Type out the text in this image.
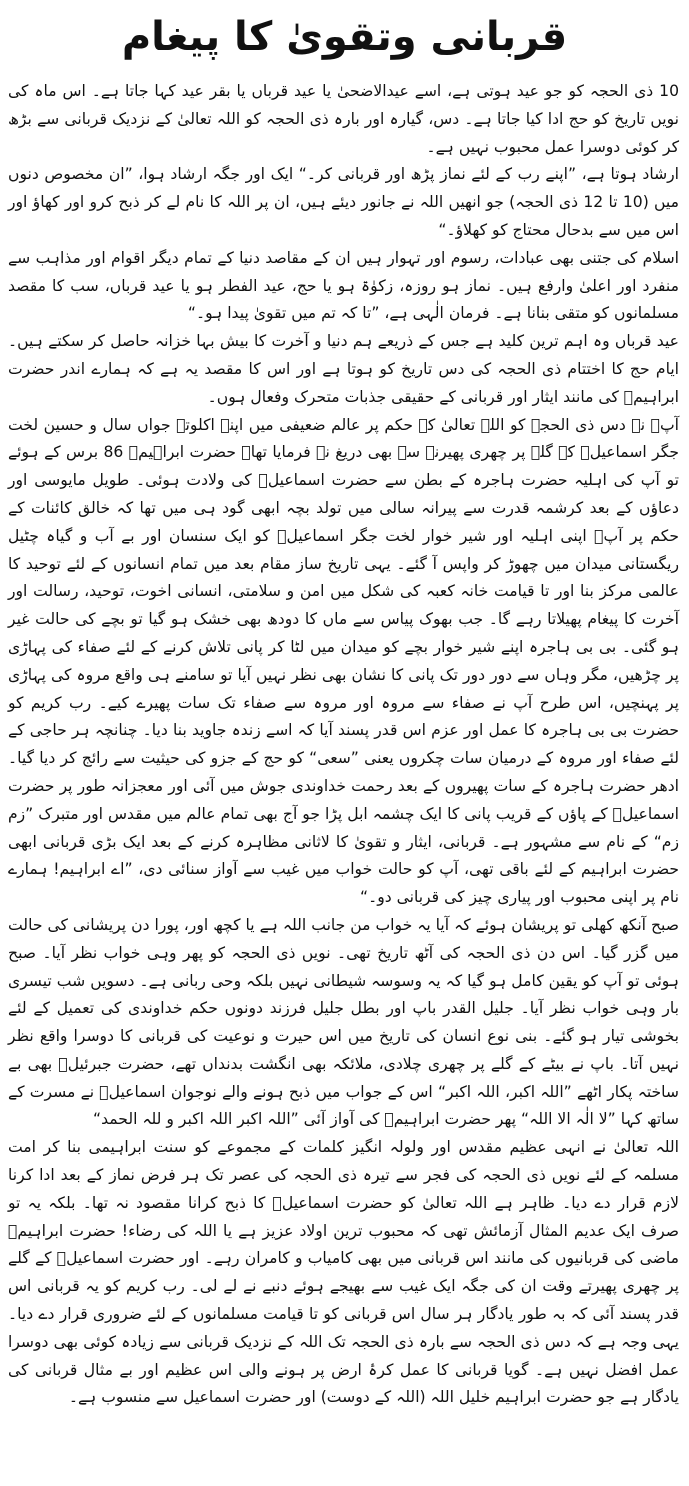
قربانی وتقویٰ کا پیغام

10 ذی الحجہ کو جو عید ہوتی ہے، اسے عیدالاضحیٰ یا عید قرباں یا بقر عید کہا جاتا ہے۔ اس ماہ کی نویں تاریخ کو حج ادا کیا جاتا ہے۔ دس، گیارہ اور بارہ ذی الحجہ کو اللہ تعالیٰ کے نزدیک قربانی سے بڑھ کر کوئی دوسرا عمل محبوب نہیں ہے۔

ارشاد ہوتا ہے، ”اپنے رب کے لئے نماز پڑھ اور قربانی کر۔“ ایک اور جگہ ارشاد ہوا، ”ان مخصوص دنوں میں (10 تا 12 ذی الحجہ) جو انھیں اللہ نے جانور دیئے ہیں، ان پر اللہ کا نام لے کر ذبح کرو اور کھاؤ اور اس میں سے بدحال محتاج کو کھلاؤ۔“

اسلام کی جتنی بھی عبادات، رسوم اور تہوار ہیں ان کے مقاصد دنیا کے تمام دیگر اقوام اور مذاہب سے منفرد اور اعلیٰ وارفع ہیں۔ نماز ہو روزہ، زکوٰۃ ہو یا حج، عید الفطر ہو یا عید قرباں، سب کا مقصد مسلمانوں کو متقی بنانا ہے۔ فرمان الٰہی ہے، ”تا کہ تم میں تقویٰ پیدا ہو۔“

عید قرباں وہ اہم ترین کلید ہے جس کے ذریعے ہم دنیا و آخرت کا بیش بہا خزانہ حاصل کر سکتے ہیں۔ ایام حج کا اختتام ذی الحجہ کی دس تاریخ کو ہوتا ہے اور اس کا مقصد یہ ہے کہ ہمارے اندر حضرت ابراہیمؑ کی مانند ایثار اور قربانی کے حقیقی جذبات متحرک وفعال ہوں۔

آپؑ نے دس ذی الحجہ کو اللہ تعالیٰ کے حکم پر عالم ضعیفی میں اپنے اکلوتے جواں سال و حسین لخت جگر اسماعیلؑ کے گلے پر چھری پھیرنے سے بھی دریغ نہ فرمایا تھا۔ حضرت ابراہیمؑ 86 برس کے ہوئے تو آپ کی اہلیہ حضرت ہاجرہ کے بطن سے حضرت اسماعیلؑ کی ولادت ہوئی۔ طویل مایوسی اور دعاؤں کے بعد کرشمہ قدرت سے پیرانہ سالی میں تولد بچہ ابھی گود ہی میں تھا کہ خالق کائنات کے حکم پر آپؑ اپنی اہلیہ اور شیر خوار لخت جگر اسماعیلؑ کو ایک سنسان اور بے آب و گیاہ چٹیل ریگستانی میدان میں چھوڑ کر واپس آ گئے۔ یہی تاریخ ساز مقام بعد میں تمام انسانوں کے لئے توحید کا عالمی مرکز بنا اور تا قیامت خانہ کعبہ کی شکل میں امن و سلامتی، انسانی اخوت، توحید، رسالت اور آخرت کا پیغام پھیلاتا رہے گا۔ جب بھوک پیاس سے ماں کا دودھ بھی خشک ہو گیا تو بچے کی حالت غیر ہو گئی۔ بی بی ہاجرہ اپنے شیر خوار بچے کو میدان میں لٹا کر پانی تلاش کرنے کے لئے صفاء کی پہاڑی پر چڑھیں، مگر وہاں سے دور دور تک پانی کا نشان بھی نظر نہیں آیا تو سامنے ہی واقع مروہ کی پہاڑی پر پہنچیں، اس طرح آپ نے صفاء سے مروہ اور مروہ سے صفاء تک سات پھیرے کیے۔ رب کریم کو حضرت بی بی ہاجرہ کا عمل اور عزم اس قدر پسند آیا کہ اسے زندہ جاوید بنا دیا۔ چنانچہ ہر حاجی کے لئے صفاء اور مروہ کے درمیان سات چکروں یعنی ”سعی“ کو حج کے جزو کی حیثیت سے رائج کر دیا گیا۔ ادھر حضرت ہاجرہ کے سات پھیروں کے بعد رحمت خداوندی جوش میں آئی اور معجزانہ طور پر حضرت اسماعیلؑ کے پاؤں کے قریب پانی کا ایک چشمہ ابل پڑا جو آج بھی تمام عالم میں مقدس اور متبرک ”زم زم“ کے نام سے مشہور ہے۔ قربانی، ایثار و تقویٰ کا لاثانی مظاہرہ کرنے کے بعد ایک بڑی قربانی ابھی حضرت ابراہیم کے لئے باقی تھی، آپ کو حالت خواب میں غیب سے آواز سنائی دی، ”اے ابراہیم! ہمارے نام پر اپنی محبوب اور پیاری چیز کی قربانی دو۔“

صبح آنکھ کھلی تو پریشان ہوئے کہ آیا یہ خواب من جانب اللہ ہے یا کچھ اور، پورا دن پریشانی کی حالت میں گزر گیا۔ اس دن ذی الحجہ کی آٹھ تاریخ تھی۔ نویں ذی الحجہ کو پھر وہی خواب نظر آیا۔ صبح ہوئی تو آپ کو یقین کامل ہو گیا کہ یہ وسوسہ شیطانی نہیں بلکہ وحی ربانی ہے۔ دسویں شب تیسری بار وہی خواب نظر آیا۔ جلیل القدر باپ اور بطل جلیل فرزند دونوں حکم خداوندی کی تعمیل کے لئے بخوشی تیار ہو گئے۔ بنی نوع انسان کی تاریخ میں اس حیرت و نوعیت کی قربانی کا دوسرا واقع نظر نہیں آتا۔ باپ نے بیٹے کے گلے پر چھری چلادی، ملائکہ بھی انگشت بدنداں تھے، حضرت جبرئیلؑ بھی بے ساختہ پکار اٹھے ”اللہ اکبر، اللہ اکبر“ اس کے جواب میں ذبح ہونے والے نوجوان اسماعیلؑ نے مسرت کے ساتھ کہا ”لا الٰہ الا اللہ“ پھر حضرت ابراہیمؑ کی آواز آئی ”اللہ اکبر اللہ اکبر و للہ الحمد“

اللہ تعالیٰ نے انہی عظیم مقدس اور ولولہ انگیز کلمات کے مجموعے کو سنت ابراہیمی بنا کر امت مسلمہ کے لئے نویں ذی الحجہ کی فجر سے تیرہ ذی الحجہ کی عصر تک ہر فرض نماز کے بعد ادا کرنا لازم قرار دے دیا۔ ظاہر ہے اللہ تعالیٰ کو حضرت اسماعیلؑ کا ذبح کرانا مقصود نہ تھا۔ بلکہ یہ تو صرف ایک عدیم المثال آزمائش تھی کہ محبوب ترین اولاد عزیز ہے یا اللہ کی رضاء! حضرت ابراہیمؑ ماضی کی قربانیوں کی مانند اس قربانی میں بھی کامیاب و کامران رہے۔ اور حضرت اسماعیلؑ کے گلے پر چھری پھیرتے وقت ان کی جگہ ایک غیب سے بھیجے ہوئے دنبے نے لے لی۔ رب کریم کو یہ قربانی اس قدر پسند آئی کہ بہ طور یادگار ہر سال اس قربانی کو تا قیامت مسلمانوں کے لئے ضروری قرار دے دیا۔ یہی وجہ ہے کہ دس ذی الحجہ سے بارہ ذی الحجہ تک اللہ کے نزدیک قربانی سے زیادہ کوئی بھی دوسرا عمل افضل نہیں ہے۔ گویا قربانی کا عمل کرۂ ارض پر ہونے والی اس عظیم اور بے مثال قربانی کی یادگار ہے جو حضرت ابراہیم خلیل اللہ (اللہ کے دوست) اور حضرت اسماعیل سے منسوب ہے۔
